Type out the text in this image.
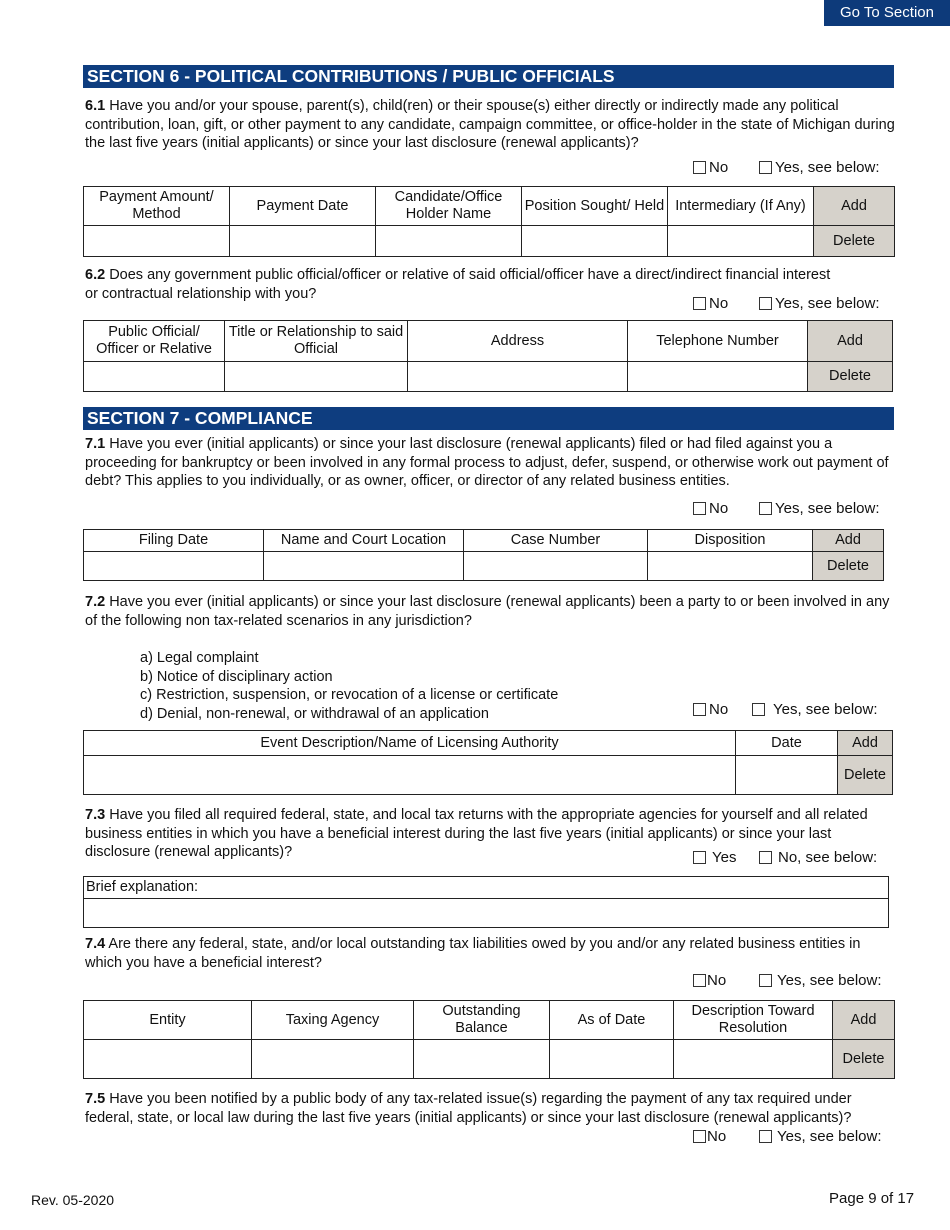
Go To Section
SECTION 6 - POLITICAL CONTRIBUTIONS / PUBLIC OFFICIALS
6.1 Have you and/or your spouse, parent(s), child(ren) or their spouse(s) either directly or indirectly made any political contribution, loan, gift, or other payment to any candidate, campaign committee, or office-holder in the state of Michigan during the last five years (initial applicants) or since your last disclosure (renewal applicants)?
No	Yes, see below:
Payment Amount/ Method	Payment Date	Candidate/Office Holder Name	Position Sought/ Held	Intermediary (If Any)	Add
					Delete
6.2 Does any government public official/officer or relative of said official/officer have a direct/indirect financial interest or contractual relationship with you?
No	Yes, see below:
Public Official/ Officer or Relative	Title or Relationship to said Official	Address	Telephone Number	Add
				Delete
SECTION 7 - COMPLIANCE
7.1 Have you ever (initial applicants) or since your last disclosure (renewal applicants) filed or had filed against you a proceeding for bankruptcy or been involved in any formal process to adjust, defer, suspend, or otherwise work out payment of debt? This applies to you individually, or as owner, officer, or director of any related business entities.
No	Yes, see below:
Filing Date	Name and Court Location	Case Number	Disposition	Add
				Delete
7.2 Have you ever (initial applicants) or since your last disclosure (renewal applicants) been a party to or been involved in any of the following non tax-related scenarios in any jurisdiction?
a) Legal complaint
b) Notice of disciplinary action
c) Restriction, suspension, or revocation of a license or certificate
d) Denial, non-renewal, or withdrawal of an application	No	Yes, see below:
Event Description/Name of Licensing Authority	Date	Add
		Delete
7.3 Have you filed all required federal, state, and local tax returns with the appropriate agencies for yourself and all related business entities in which you have a beneficial interest during the last five years (initial applicants) or since your last disclosure (renewal applicants)?	Yes	No, see below:
Brief explanation:

7.4 Are there any federal, state, and/or local outstanding tax liabilities owed by you and/or any related business entities in which you have a beneficial interest?
No	Yes, see below:
Entity	Taxing Agency	Outstanding Balance	As of Date	Description Toward Resolution	Add
					Delete
7.5 Have you been notified by a public body of any tax-related issue(s) regarding the payment of any tax required under federal, state, or local law during the last five years (initial applicants) or since your last disclosure (renewal applicants)?
No	Yes, see below:
Rev. 05-2020	Page 9 of 17
